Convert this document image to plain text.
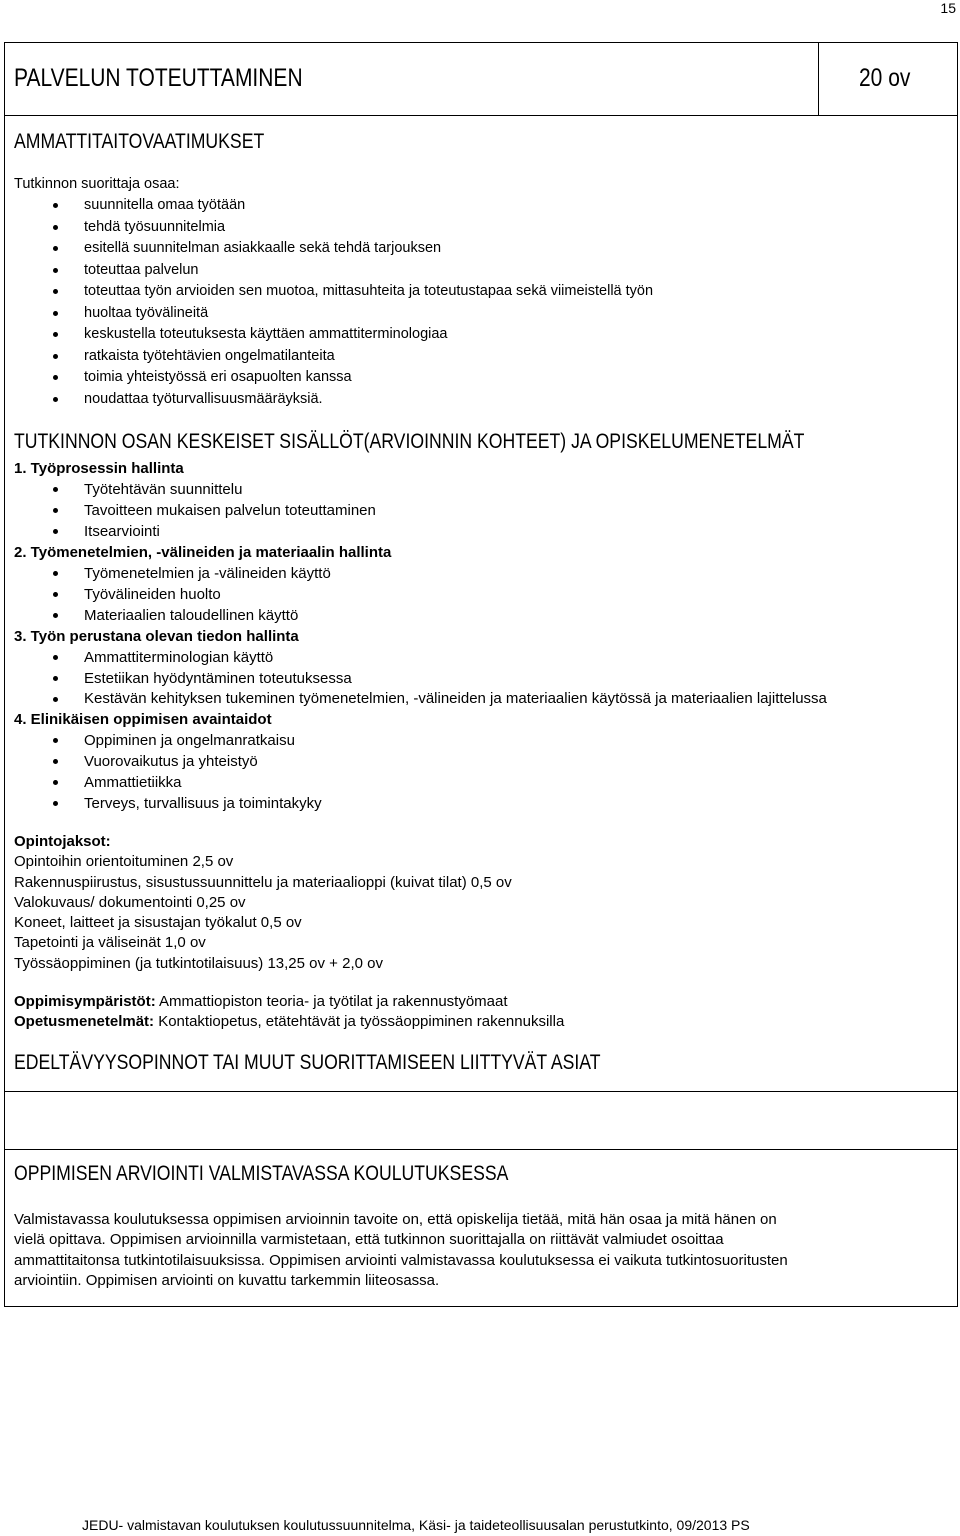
15
PALVELUN TOTEUTTAMINEN	20 ov
AMMATTITAITOVAATIMUKSET
Tutkinnon suorittaja osaa:
suunnitella omaa työtään
tehdä työsuunnitelmia
esitellä suunnitelman asiakkaalle sekä tehdä tarjouksen
toteuttaa palvelun
toteuttaa työn arvioiden sen muotoa, mittasuhteita ja toteutustapaa sekä viimeistellä työn
huoltaa työvälineitä
keskustella toteutuksesta käyttäen ammattiterminologiaa
ratkaista työtehtävien ongelmatilanteita
toimia yhteistyössä eri osapuolten kanssa
noudattaa työturvallisuusmääräyksiä.
TUTKINNON OSAN KESKEISET SISÄLLÖT(ARVIOINNIN KOHTEET) JA OPISKELUMENETELMÄT
1. Työprosessin hallinta
Työtehtävän suunnittelu
Tavoitteen mukaisen palvelun toteuttaminen
Itsearviointi
2. Työmenetelmien, -välineiden ja materiaalin hallinta
Työmenetelmien ja -välineiden käyttö
Työvälineiden huolto
Materiaalien taloudellinen käyttö
3. Työn perustana olevan tiedon hallinta
Ammattiterminologian käyttö
Estetiikan hyödyntäminen toteutuksessa
Kestävän kehityksen tukeminen työmenetelmien, -välineiden ja materiaalien käytössä ja materiaalien lajittelussa
4. Elinikäisen oppimisen avaintaidot
Oppiminen ja ongelmanratkaisu
Vuorovaikutus ja yhteistyö
Ammattietiikka
Terveys, turvallisuus ja toimintakyky
Opintojaksot:
Opintoihin orientoituminen 2,5 ov
Rakennuspiirustus, sisustussuunnittelu ja materiaalioppi (kuivat tilat) 0,5 ov
Valokuvaus/ dokumentointi 0,25 ov
Koneet, laitteet ja sisustajan työkalut 0,5 ov
Tapetointi ja väliseinät 1,0 ov
Työssäoppiminen (ja tutkintotilaisuus) 13,25 ov + 2,0 ov
Oppimisympäristöt: Ammattiopiston teoria- ja työtilat ja rakennustyömaat
Opetusmenetelmät: Kontaktiopetus, etätehtävät ja työssäoppiminen rakennuksilla
EDELTÄVYYSOPINNOT TAI MUUT SUORITTAMISEEN LIITTYVÄT ASIAT
OPPIMISEN ARVIOINTI VALMISTAVASSA KOULUTUKSESSA
Valmistavassa koulutuksessa oppimisen arvioinnin tavoite on, että opiskelija tietää, mitä hän osaa ja mitä hänen on
vielä opittava. Oppimisen arvioinnilla varmistetaan, että tutkinnon suorittajalla on riittävät valmiudet osoittaa
ammattitaitonsa tutkintotilaisuuksissa. Oppimisen arviointi valmistavassa koulutuksessa ei vaikuta tutkintosuoritusten
arviointiin. Oppimisen arviointi on kuvattu tarkemmin liiteosassa.
JEDU- valmistavan koulutuksen koulutussuunnitelma, Käsi- ja taideteollisuusalan perustutkinto, 09/2013 PS
